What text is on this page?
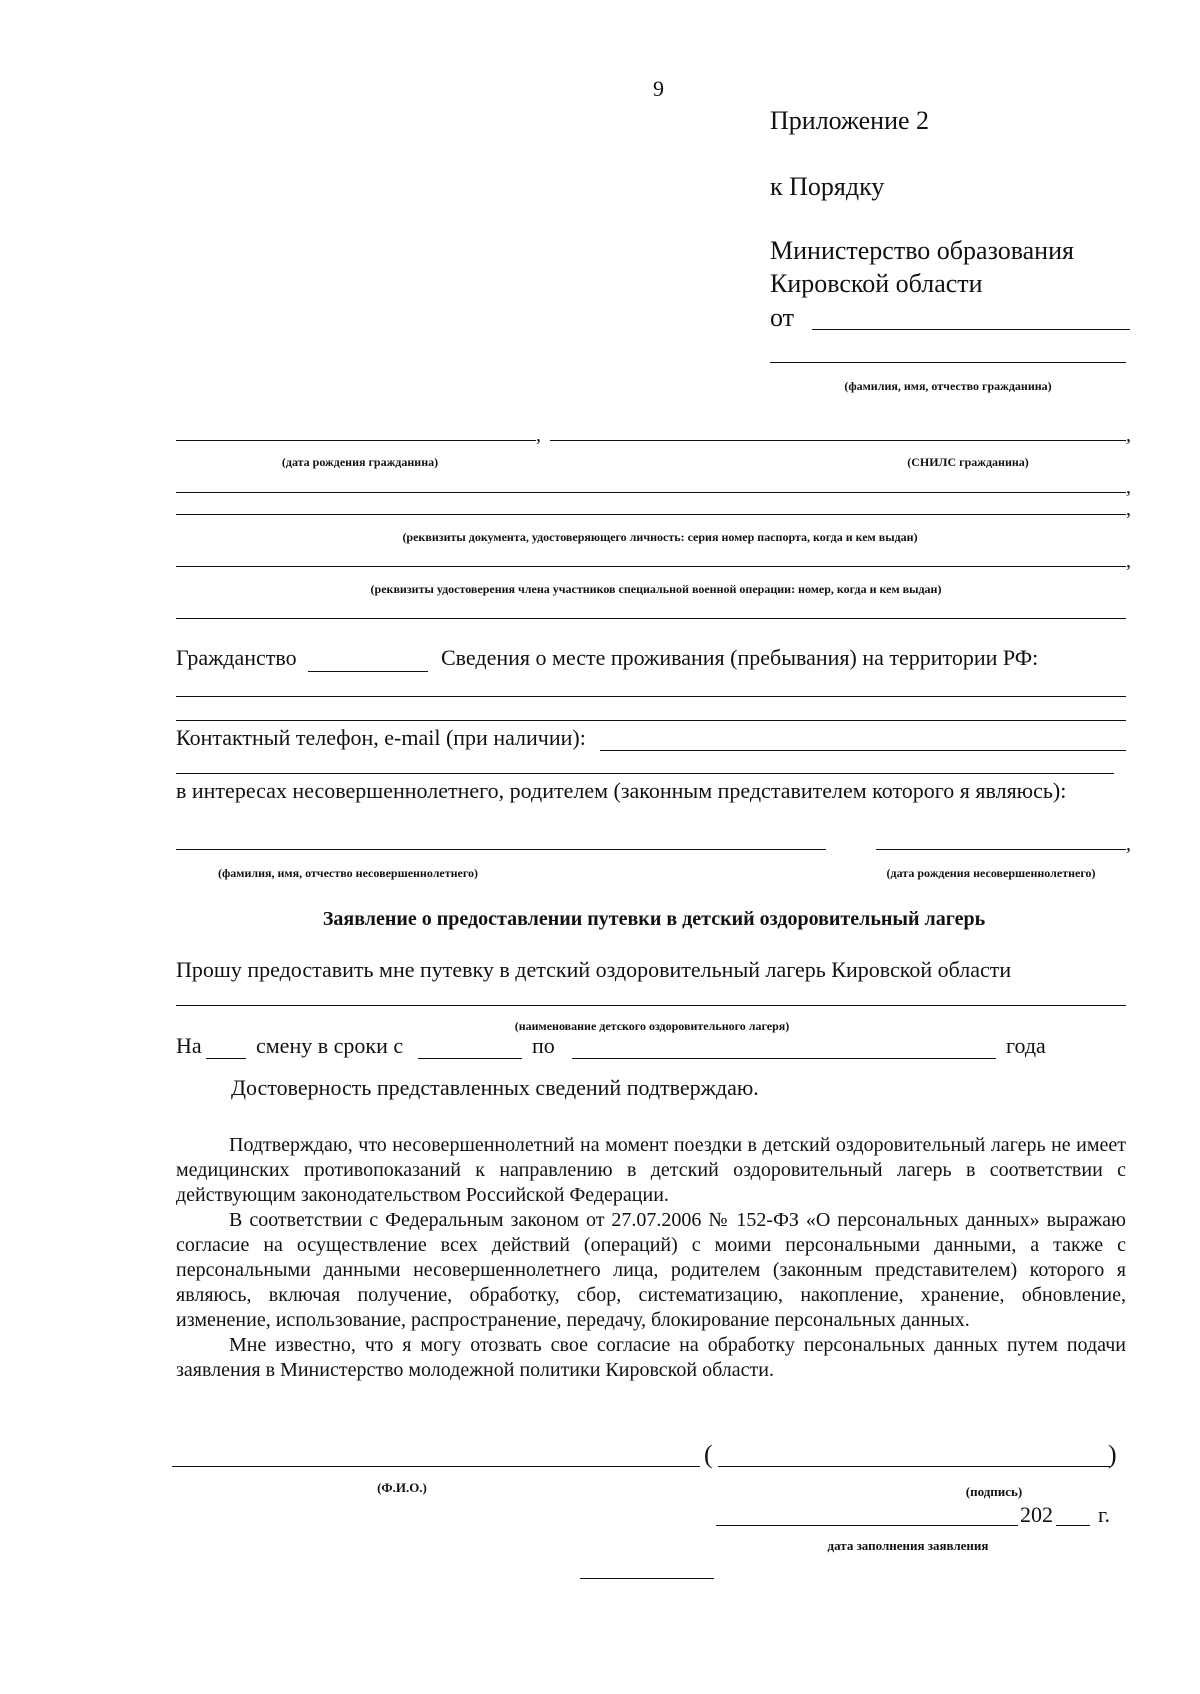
9
Приложение 2
к Порядку
Министерство образования
Кировской области
от
(фамилия, имя, отчество гражданина)
,	,
(дата рождения гражданина)	(СНИЛС гражданина)
,
,
(реквизиты документа, удостоверяющего личность: серия номер паспорта, когда и кем выдан)
,
(реквизиты удостоверения члена участников специальной военной операции: номер, когда и кем выдан)
Гражданство	Сведения о месте проживания (пребывания) на территории РФ:
Контактный телефон, e-mail (при наличии):
в интересах несовершеннолетнего, родителем (законным представителем которого я являюсь):
,
(фамилия, имя, отчество несовершеннолетнего)	(дата рождения несовершеннолетнего)
Заявление о предоставлении путевки в детский оздоровительный лагерь
Прошу предоставить мне путевку в детский оздоровительный лагерь Кировской области
(наименование детского оздоровительного лагеря)
На смену в сроки с	по	года
Достоверность представленных сведений подтверждаю.

Подтверждаю, что несовершеннолетний на момент поездки в детский оздоровительный лагерь не имеет медицинских противопоказаний к направлению в детский оздоровительный лагерь в соответствии с действующим законодательством Российской Федерации.

В соответствии с Федеральным законом от 27.07.2006 № 152-ФЗ «О персональных данных» выражаю согласие на осуществление всех действий (операций) с моими персональными данными, а также с персональными данными несовершеннолетнего лица, родителем (законным представителем) которого я являюсь, включая получение, обработку, сбор, систематизацию, накопление, хранение, обновление, изменение, использование, распространение, передачу, блокирование персональных данных.

Мне известно, что я могу отозвать свое согласие на обработку персональных данных путем подачи заявления в Министерство молодежной политики Кировской области.

(	)
(Ф.И.О.)	(подпись)
202 г.
дата заполнения заявления
